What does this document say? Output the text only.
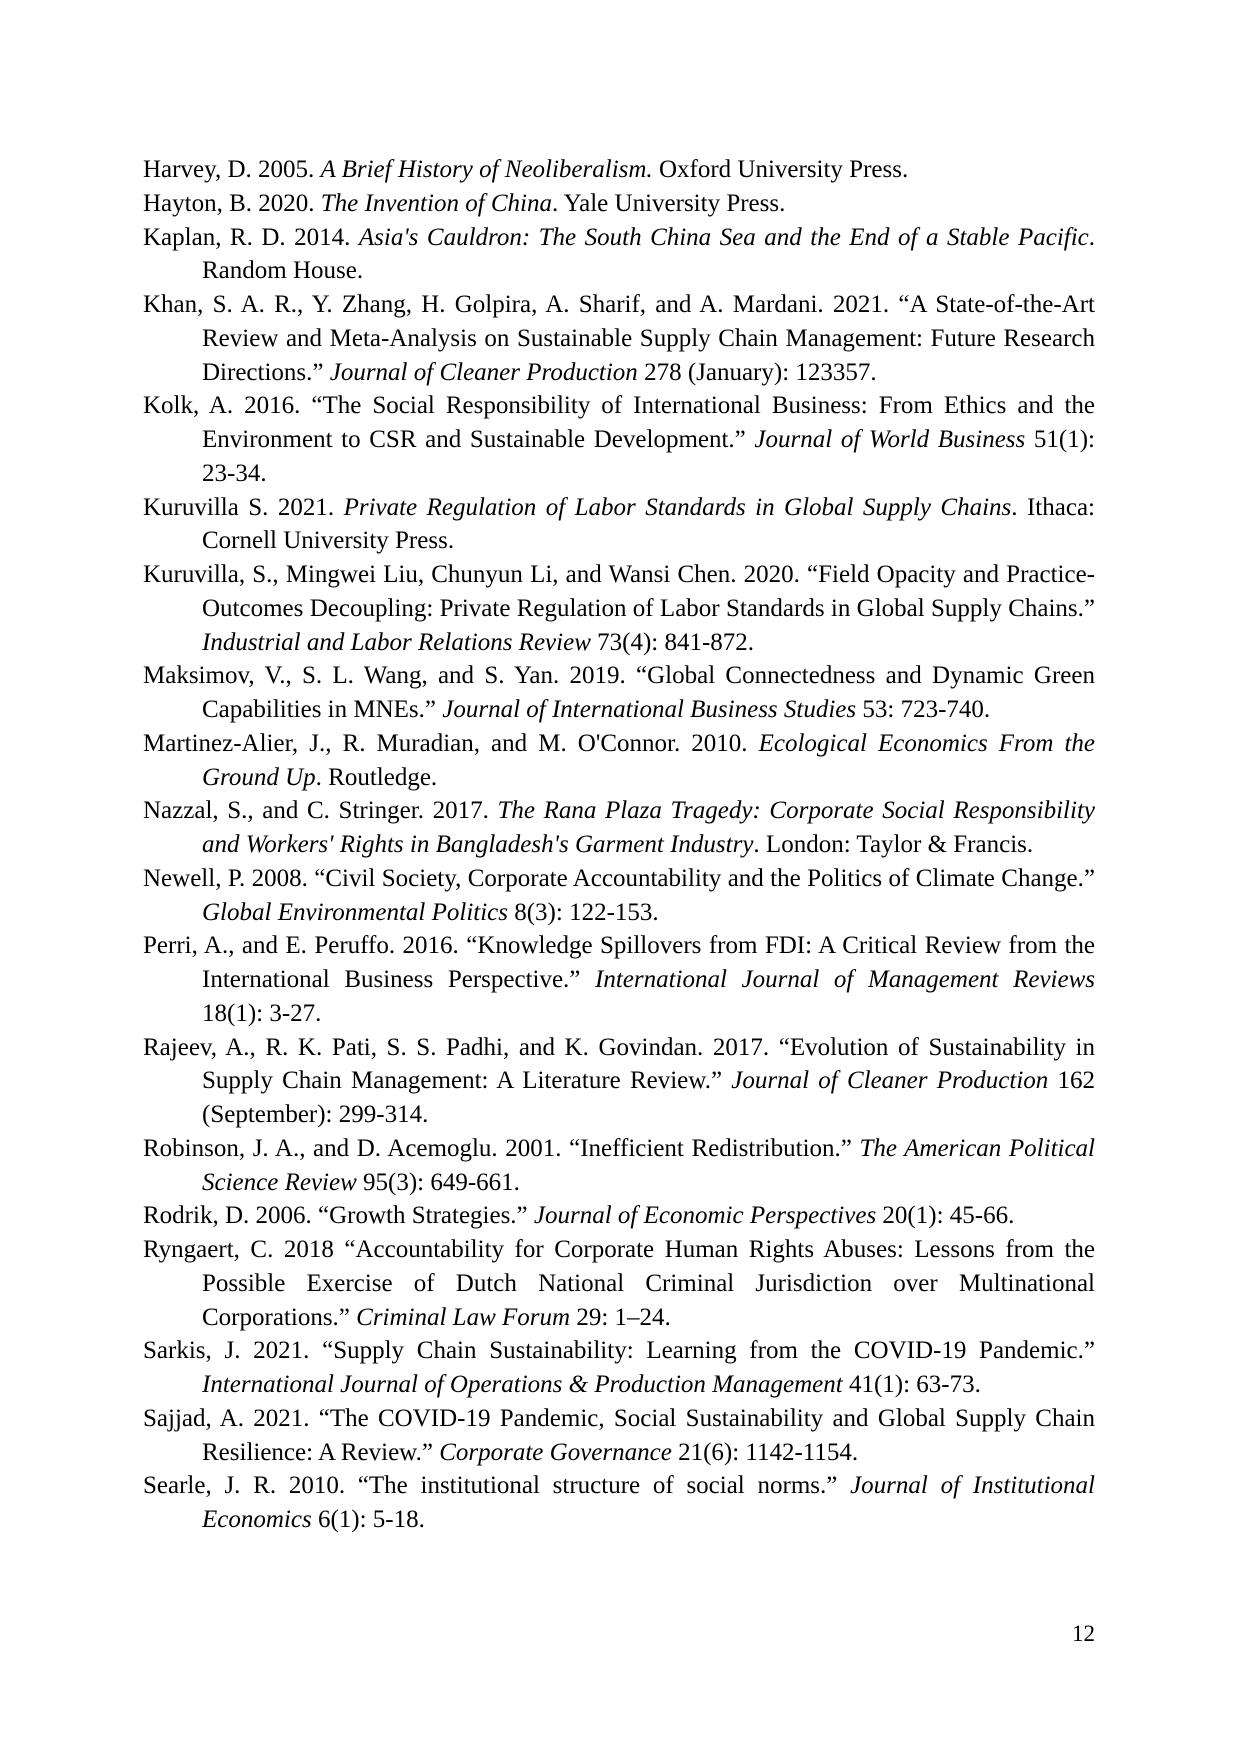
Harvey, D. 2005. A Brief History of Neoliberalism. Oxford University Press.

Hayton, B. 2020. The Invention of China. Yale University Press.

Kaplan, R. D. 2014. Asia's Cauldron: The South China Sea and the End of a Stable Pacific. Random House.

Khan, S. A. R., Y. Zhang, H. Golpira, A. Sharif, and A. Mardani. 2021. “A State-of-the-Art Review and Meta-Analysis on Sustainable Supply Chain Management: Future Research Directions.” Journal of Cleaner Production 278 (January): 123357.

Kolk, A. 2016. “The Social Responsibility of International Business: From Ethics and the Environment to CSR and Sustainable Development.” Journal of World Business 51(1): 23-34.

Kuruvilla S. 2021. Private Regulation of Labor Standards in Global Supply Chains. Ithaca: Cornell University Press.

Kuruvilla, S., Mingwei Liu, Chunyun Li, and Wansi Chen. 2020. “Field Opacity and Practice-Outcomes Decoupling: Private Regulation of Labor Standards in Global Supply Chains.” Industrial and Labor Relations Review 73(4): 841-872.

Maksimov, V., S. L. Wang, and S. Yan. 2019. “Global Connectedness and Dynamic Green Capabilities in MNEs.” Journal of International Business Studies 53: 723-740.

Martinez-Alier, J., R. Muradian, and M. O'Connor. 2010. Ecological Economics From the Ground Up. Routledge.

Nazzal, S., and C. Stringer. 2017. The Rana Plaza Tragedy: Corporate Social Responsibility and Workers' Rights in Bangladesh's Garment Industry. London: Taylor & Francis.

Newell, P. 2008. “Civil Society, Corporate Accountability and the Politics of Climate Change.” Global Environmental Politics 8(3): 122-153.

Perri, A., and E. Peruffo. 2016. “Knowledge Spillovers from FDI: A Critical Review from the International Business Perspective.” International Journal of Management Reviews 18(1): 3-27.

Rajeev, A., R. K. Pati, S. S. Padhi, and K. Govindan. 2017. “Evolution of Sustainability in Supply Chain Management: A Literature Review.” Journal of Cleaner Production 162 (September): 299-314.

Robinson, J. A., and D. Acemoglu. 2001. “Inefficient Redistribution.” The American Political Science Review 95(3): 649-661.

Rodrik, D. 2006. “Growth Strategies.” Journal of Economic Perspectives 20(1): 45-66.

Ryngaert, C. 2018 “Accountability for Corporate Human Rights Abuses: Lessons from the Possible Exercise of Dutch National Criminal Jurisdiction over Multinational Corporations.” Criminal Law Forum 29: 1–24.

Sarkis, J. 2021. “Supply Chain Sustainability: Learning from the COVID-19 Pandemic.” International Journal of Operations & Production Management 41(1): 63-73.

Sajjad, A. 2021. “The COVID-19 Pandemic, Social Sustainability and Global Supply Chain Resilience: A Review.” Corporate Governance 21(6): 1142-1154.

Searle, J. R. 2010. “The institutional structure of social norms.” Journal of Institutional Economics 6(1): 5-18.

12
